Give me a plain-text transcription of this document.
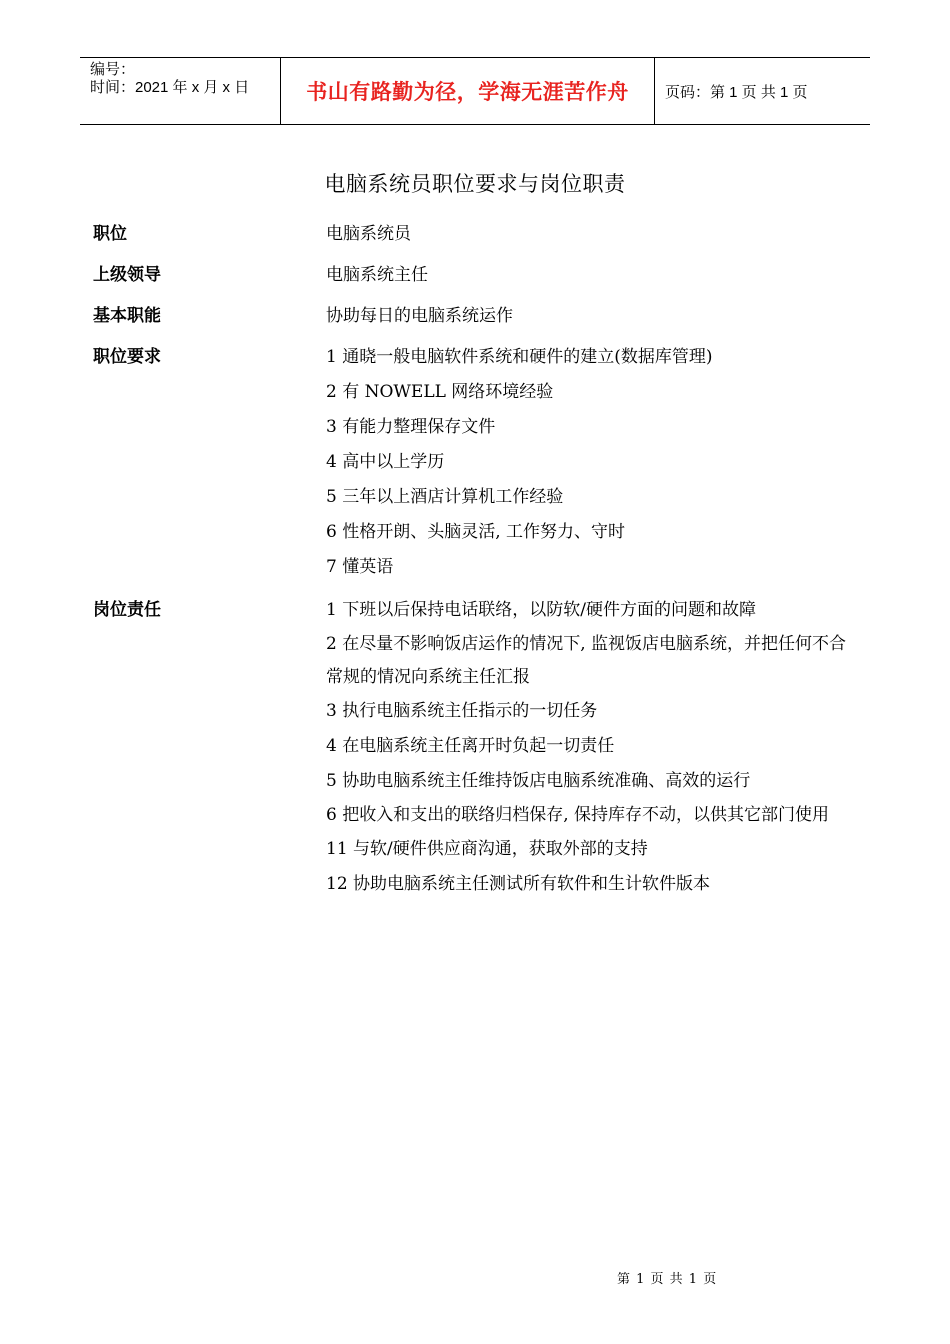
编号：
时间：2021 年 x 月 x 日	书山有路勤为径，学海无涯苦作舟 页码：第 1 页 共 1 页
电脑系统员职位要求与岗位职责
职位	电脑系统员
上级领导	电脑系统主任
基本职能	协助每日的电脑系统运作
职位要求	1 通晓一般电脑软件系统和硬件的建立(数据库管理)
2 有 NOWELL 网络环境经验
3 有能力整理保存文件
4 高中以上学历
5 三年以上酒店计算机工作经验
6 性格开朗、头脑灵活, 工作努力、守时
7 懂英语
岗位责任	1 下班以后保持电话联络，以防软/硬件方面的问题和故障
2 在尽量不影响饭店运作的情况下, 监视饭店电脑系统，并把任何不合常规的情况向系统主任汇报
3 执行电脑系统主任指示的一切任务
4 在电脑系统主任离开时负起一切责任
5 协助电脑系统主任维持饭店电脑系统准确、高效的运行
6 把收入和支出的联络归档保存, 保持库存不动，以供其它部门使用
11 与软/硬件供应商沟通，获取外部的支持
12 协助电脑系统主任测试所有软件和生计软件版本
第 1 页 共 1 页
